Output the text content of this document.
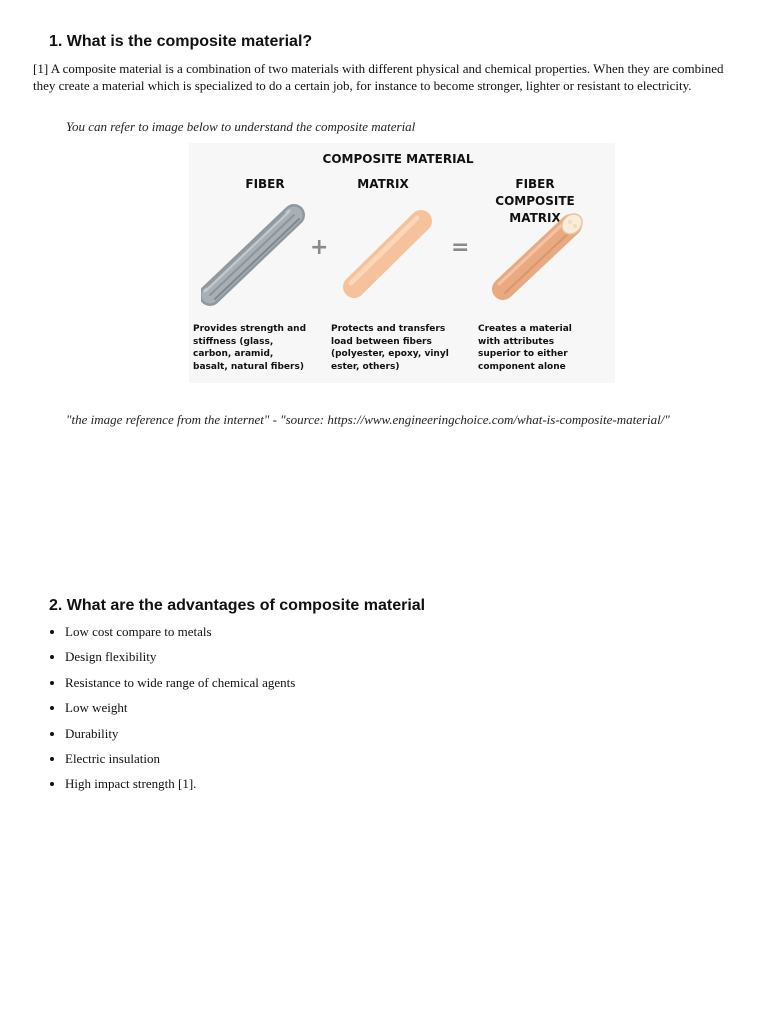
1. What is the composite material?

[1] A composite material is a combination of two materials with different physical and chemical properties. When they are combined they create a material which is specialized to do a certain job, for instance to become stronger, lighter or resistant to electricity.

You can refer to image below to understand the composite material

COMPOSITE MATERIAL
FIBER	MATRIX	FIBER COMPOSITE MATRIX
+	=
Provides strength and stiffness (glass, carbon, aramid, basalt, natural fibers)
Protects and transfers load between fibers (polyester, epoxy, vinyl ester, others)
Creates a material with attributes superior to either component alone

"the image reference from the internet" - "source: https://www.engineeringchoice.com/what-is-composite-material/"

2. What are the advantages of composite material
• Low cost compare to metals
• Design flexibility
• Resistance to wide range of chemical agents
• Low weight
• Durability
• Electric insulation
• High impact strength [1].
